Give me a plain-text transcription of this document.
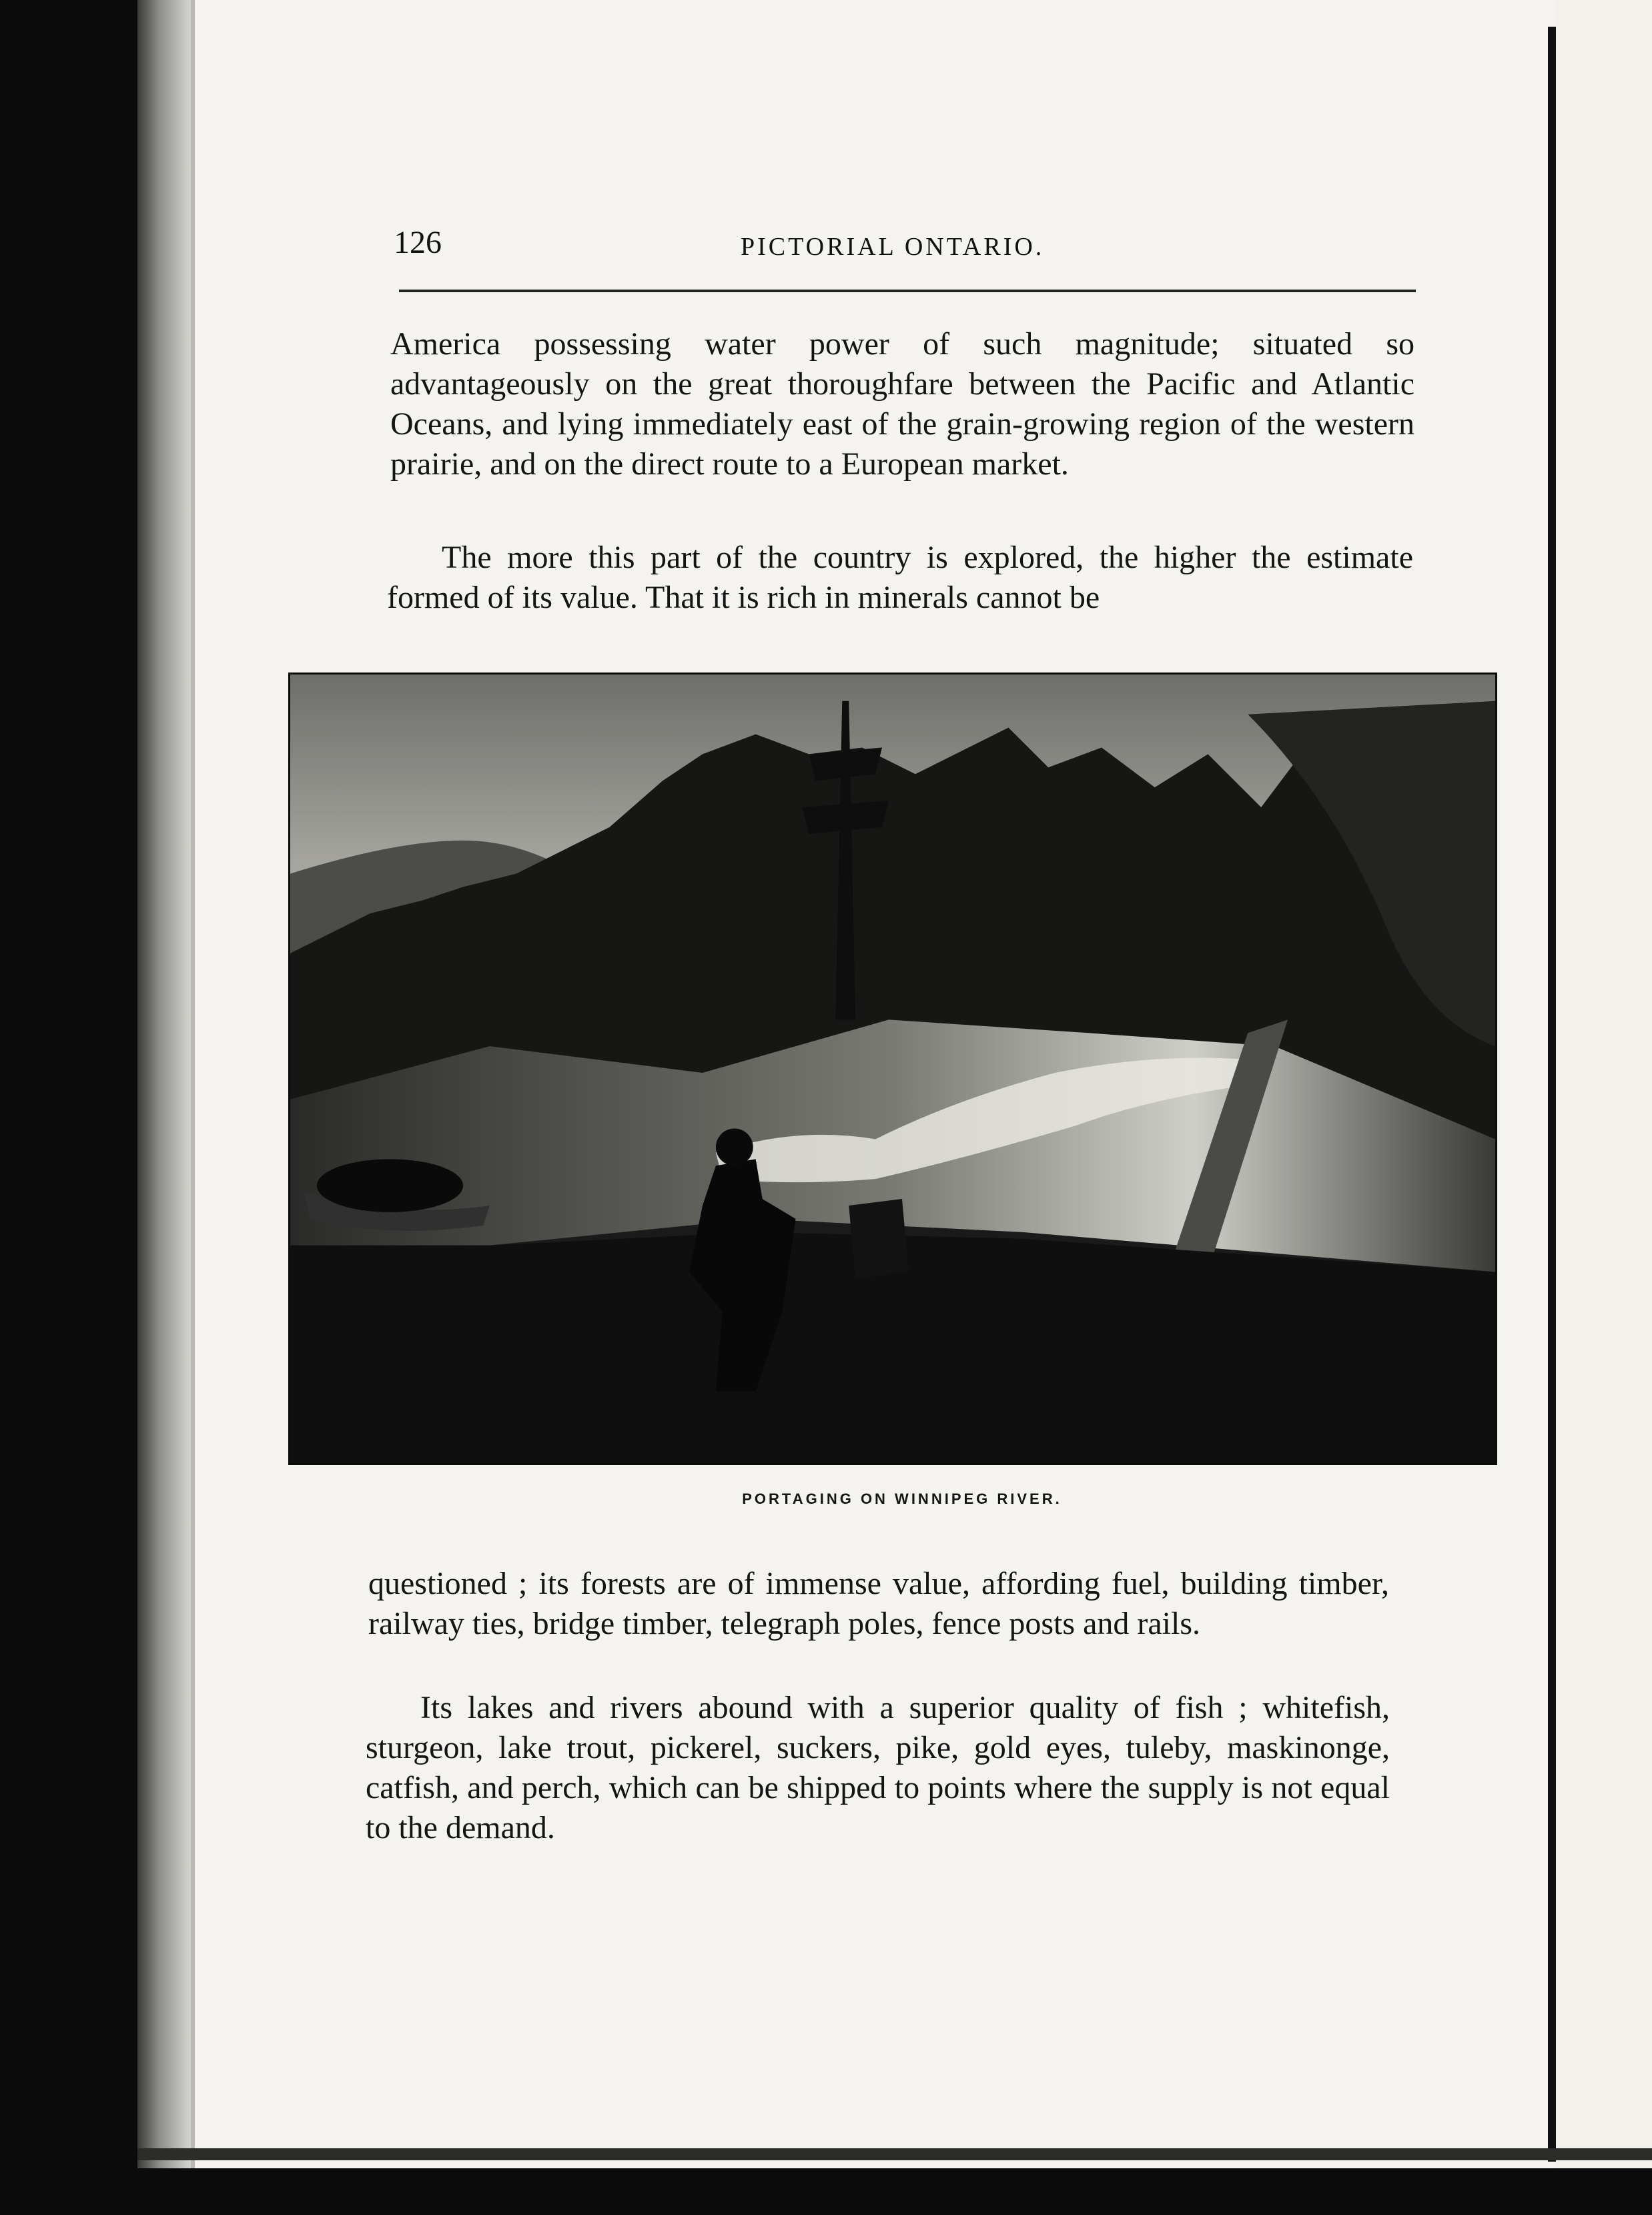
126	PICTORIAL ONTARIO.

America possessing water power of such magnitude; situated so advantageously on the great thoroughfare between the Pacific and Atlantic Oceans, and lying immediately east of the grain-growing region of the western prairie, and on the direct route to a European market.

The more this part of the country is explored, the higher the estimate formed of its value. That it is rich in minerals cannot be

PORTAGING ON WINNIPEG RIVER.

questioned ; its forests are of immense value, affording fuel, building timber, railway ties, bridge timber, telegraph poles, fence posts and rails.

Its lakes and rivers abound with a superior quality of fish ; whitefish, sturgeon, lake trout, pickerel, suckers, pike, gold eyes, tuleby, maskinonge, catfish, and perch, which can be shipped to points where the supply is not equal to the demand.
